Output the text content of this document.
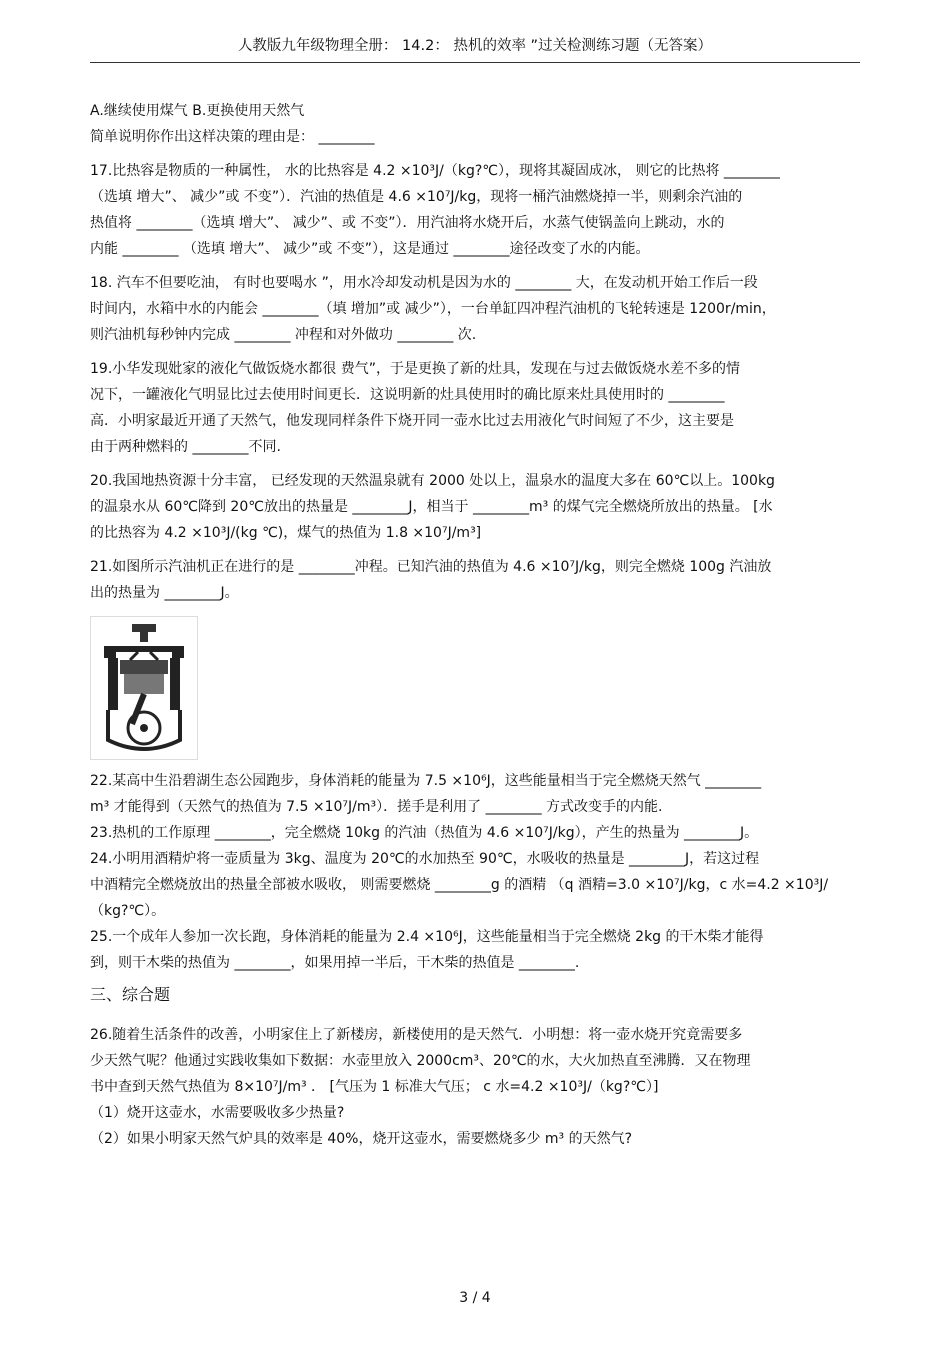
人教版九年级物理全册： 14.2： 热机的效率 ”过关检测练习题（无答案）
A.继续使用煤气 B.更换使用天然气
简单说明你作出这样决策的理由是： ________
17.比热容是物质的一种属性， 水的比热容是 4.2 ×10³J/（kg?℃），现将其凝固成冰， 则它的比热将 ________
（选填 增大”、 减少”或 不变”）．汽油的热值是 4.6 ×10⁷J/kg，现将一桶汽油燃烧掉一半，则剩余汽油的
热值将 ________（选填 增大”、 减少”、或 不变”）．用汽油将水烧开后，水蒸气使锅盖向上跳动，水的
内能 ________ （选填 增大”、 减少”或 不变”），这是通过 ________途径改变了水的内能。
18. 汽车不但要吃油， 有时也要喝水 ”，用水冷却发动机是因为水的 ________ 大，在发动机开始工作后一段
时间内，水箱中水的内能会 ________（填 增加”或 减少”），一台单缸四冲程汽油机的飞轮转速是 1200r/min，
则汽油机每秒钟内完成 ________ 冲程和对外做功 ________ 次.
19.小华发现妣家的液化气做饭烧水都很 费气”，于是更换了新的灶具，发现在与过去做饭烧水差不多的情
况下，一罐液化气明显比过去使用时间更长．这说明新的灶具使用时的确比原来灶具使用时的 ________
高．小明家最近开通了天然气，他发现同样条件下烧开同一壶水比过去用液化气时间短了不少，这主要是
由于两种燃料的 ________不同.
20.我国地热资源十分丰富， 已经发现的天然温泉就有 2000 处以上，温泉水的温度大多在 60℃以上。100kg
的温泉水从 60℃降到 20℃放出的热量是 ________J，相当于 ________m³ 的煤气完全燃烧所放出的热量。 [水
的比热容为 4.2 ×10³J/(kg ℃)，煤气的热值为 1.8 ×10⁷J/m³]
21.如图所示汽油机正在进行的是 ________冲程。已知汽油的热值为 4.6 ×10⁷J/kg，则完全燃烧 100g 汽油放
出的热量为 ________J。
22.某高中生沿碧湖生态公园跑步，身体消耗的能量为 7.5 ×10⁶J，这些能量相当于完全燃烧天然气 ________
m³ 才能得到（天然气的热值为 7.5 ×10⁷J/m³）．搓手是利用了 ________ 方式改变手的内能.
23.热机的工作原理 ________，完全燃烧 10kg 的汽油（热值为 4.6 ×10⁷J/kg），产生的热量为 ________J。
24.小明用酒精炉将一壶质量为 3kg、温度为 20℃的水加热至 90℃，水吸收的热量是 ________J，若这过程
中酒精完全燃烧放出的热量全部被水吸收， 则需要燃烧 ________g 的酒精 （q 酒精=3.0 ×10⁷J/kg，c 水=4.2 ×10³J/
（kg?℃）。
25.一个成年人参加一次长跑，身体消耗的能量为 2.4 ×10⁶J，这些能量相当于完全燃烧 2kg 的干木柴才能得
到，则干木柴的热值为 ________，如果用掉一半后，干木柴的热值是 ________.
三、综合题
26.随着生活条件的改善，小明家住上了新楼房，新楼使用的是天然气．小明想：将一壶水烧开究竟需要多
少天然气呢？他通过实践收集如下数据：水壶里放入 2000cm³、20℃的水，大火加热直至沸腾．又在物理
书中查到天然气热值为 8×10⁷J/m³ ． [气压为 1 标准大气压； c 水=4.2 ×10³J/（kg?℃）]
（1）烧开这壶水，水需要吸收多少热量?
（2）如果小明家天然气炉具的效率是 40%，烧开这壶水，需要燃烧多少 m³ 的天然气?
3 / 4
